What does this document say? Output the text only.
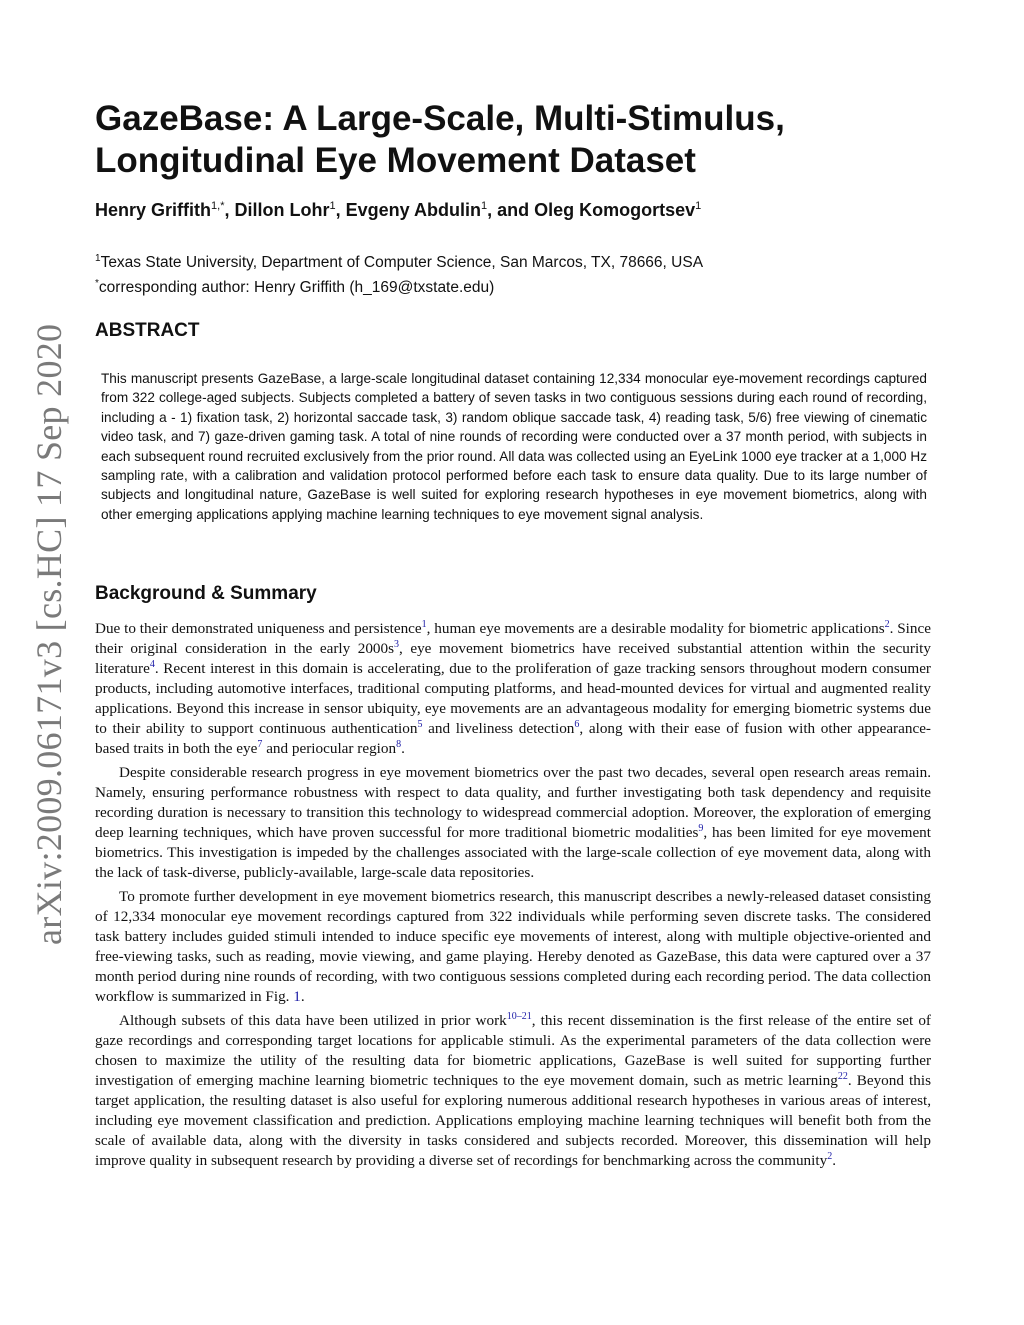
arXiv:2009.06171v3 [cs.HC] 17 Sep 2020
GazeBase: A Large-Scale, Multi-Stimulus, Longitudinal Eye Movement Dataset
Henry Griffith$^{1,*}$, Dillon Lohr$^1$, Evgeny Abdulin$^1$, and Oleg Komogortsev$^1$
$^1$Texas State University, Department of Computer Science, San Marcos, TX, 78666, USA
*corresponding author: Henry Griffith (h_169@txstate.edu)
ABSTRACT

This manuscript presents GazeBase, a large-scale longitudinal dataset containing 12,334 monocular eye-movement recordings captured from 322 college-aged subjects. Subjects completed a battery of seven tasks in two contiguous sessions during each round of recording, including a - 1) fixation task, 2) horizontal saccade task, 3) random oblique saccade task, 4) reading task, 5/6) free viewing of cinematic video task, and 7) gaze-driven gaming task. A total of nine rounds of recording were conducted over a 37 month period, with subjects in each subsequent round recruited exclusively from the prior round. All data was collected using an EyeLink 1000 eye tracker at a 1,000 Hz sampling rate, with a calibration and validation protocol performed before each task to ensure data quality. Due to its large number of subjects and longitudinal nature, GazeBase is well suited for exploring research hypotheses in eye movement biometrics, along with other emerging applications applying machine learning techniques to eye movement signal analysis.

Background & Summary

Due to their demonstrated uniqueness and persistence$^1$, human eye movements are a desirable modality for biometric applications$^2$. Since their original consideration in the early 2000s$^3$, eye movement biometrics have received substantial attention within the security literature$^4$. Recent interest in this domain is accelerating, due to the proliferation of gaze tracking sensors throughout modern consumer products, including automotive interfaces, traditional computing platforms, and head-mounted devices for virtual and augmented reality applications. Beyond this increase in sensor ubiquity, eye movements are an advantageous modality for emerging biometric systems due to their ability to support continuous authentication$^5$ and liveliness detection$^6$, along with their ease of fusion with other appearance-based traits in both the eye$^7$ and periocular region$^8$.

Despite considerable research progress in eye movement biometrics over the past two decades, several open research areas remain. Namely, ensuring performance robustness with respect to data quality, and further investigating both task dependency and requisite recording duration is necessary to transition this technology to widespread commercial adoption. Moreover, the exploration of emerging deep learning techniques, which have proven successful for more traditional biometric modalities$^9$, has been limited for eye movement biometrics. This investigation is impeded by the challenges associated with the large-scale collection of eye movement data, along with the lack of task-diverse, publicly-available, large-scale data repositories.

To promote further development in eye movement biometrics research, this manuscript describes a newly-released dataset consisting of 12,334 monocular eye movement recordings captured from 322 individuals while performing seven discrete tasks. The considered task battery includes guided stimuli intended to induce specific eye movements of interest, along with multiple objective-oriented and free-viewing tasks, such as reading, movie viewing, and game playing. Hereby denoted as GazeBase, this data were captured over a 37 month period during nine rounds of recording, with two contiguous sessions completed during each recording period. The data collection workflow is summarized in Fig. 1.

Although subsets of this data have been utilized in prior work$^{10-21}$, this recent dissemination is the first release of the entire set of gaze recordings and corresponding target locations for applicable stimuli. As the experimental parameters of the data collection were chosen to maximize the utility of the resulting data for biometric applications, GazeBase is well suited for supporting further investigation of emerging machine learning biometric techniques to the eye movement domain, such as metric learning$^{22}$. Beyond this target application, the resulting dataset is also useful for exploring numerous additional research hypotheses in various areas of interest, including eye movement classification and prediction. Applications employing machine learning techniques will benefit both from the scale of available data, along with the diversity in tasks considered and subjects recorded. Moreover, this dissemination will help improve quality in subsequent research by providing a diverse set of recordings for benchmarking across the community$^2$.
